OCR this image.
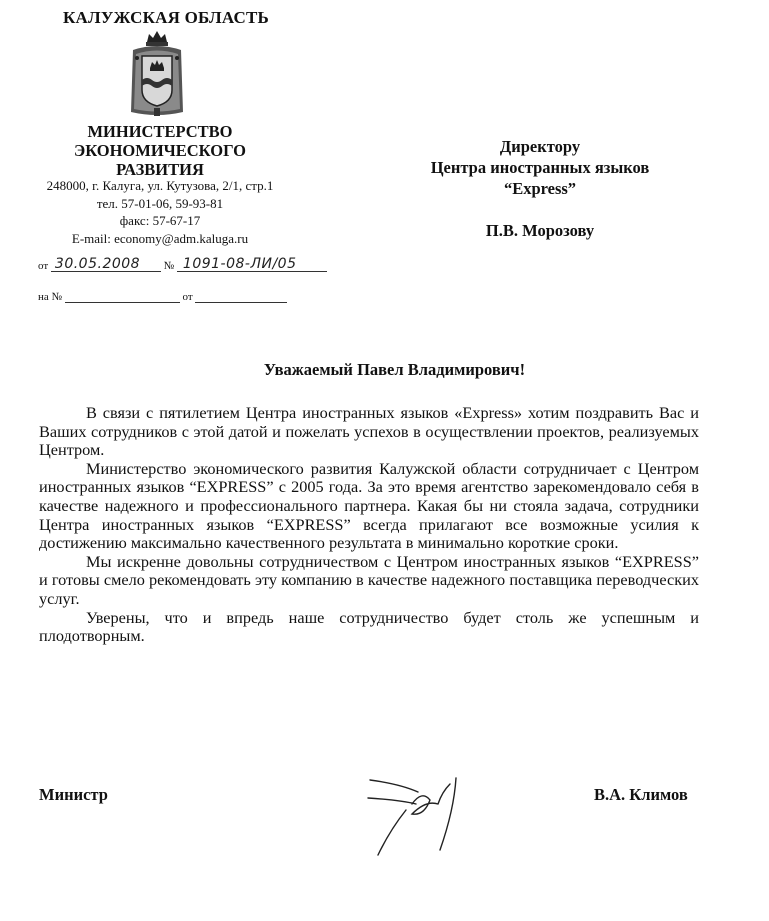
КАЛУЖСКАЯ ОБЛАСТЬ
МИНИСТЕРСТВО
ЭКОНОМИЧЕСКОГО
РАЗВИТИЯ
248000, г. Калуга, ул. Кутузова, 2/1, стр.1
тел. 57-01-06, 59-93-81
факс: 57-67-17
E-mail: economy@adm.kaluga.ru
от 30.05.2008 № 1091-08-ЛИ/05
на №	от
Директору
Центра иностранных языков
“Express”
П.В. Морозову
Уважаемый Павел Владимирович!

В связи с пятилетием Центра иностранных языков «Express» хотим поздравить Вас и Ваших сотрудников с этой датой и пожелать успехов в осуществлении проектов, реализуемых Центром.

Министерство экономического развития Калужской области сотрудничает с Центром иностранных языков “EXPRESS” с 2005 года. За это время агентство зарекомендовало себя в качестве надежного и профессионального партнера. Какая бы ни стояла задача, сотрудники Центра иностранных языков “EXPRESS” всегда прилагают все возможные усилия к достижению максимально качественного результата в минимально короткие сроки.

Мы искренне довольны сотрудничеством с Центром иностранных языков “EXPRESS” и готовы смело рекомендовать эту компанию в качестве надежного поставщика переводческих услуг.

Уверены, что и впредь наше сотрудничество будет столь же успешным и плодотворным.

Министр	В.А. Климов
